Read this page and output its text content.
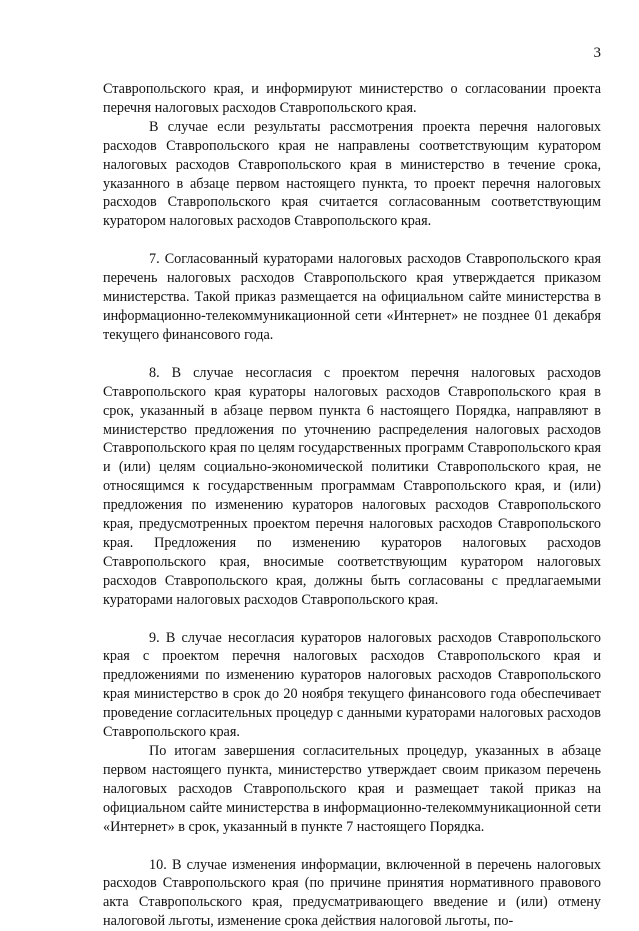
3

Ставропольского края, и информируют министерство о согласовании проекта перечня налоговых расходов Ставропольского края.

В случае если результаты рассмотрения проекта перечня налоговых расходов Ставропольского края не направлены соответствующим куратором налоговых расходов Ставропольского края в министерство в течение срока, указанного в абзаце первом настоящего пункта, то проект перечня налоговых расходов Ставропольского края считается согласованным соответствующим куратором налоговых расходов Ставропольского края.

7. Согласованный кураторами налоговых расходов Ставропольского края перечень налоговых расходов Ставропольского края утверждается приказом министерства. Такой приказ размещается на официальном сайте министерства в информационно-телекоммуникационной сети «Интернет» не позднее 01 декабря текущего финансового года.

8. В случае несогласия с проектом перечня налоговых расходов Ставропольского края кураторы налоговых расходов Ставропольского края в срок, указанный в абзаце первом пункта 6 настоящего Порядка, направляют в министерство предложения по уточнению распределения налоговых расходов Ставропольского края по целям государственных программ Ставропольского края и (или) целям социально-экономической политики Ставропольского края, не относящимся к государственным программам Ставропольского края, и (или) предложения по изменению кураторов налоговых расходов Ставропольского края, предусмотренных проектом перечня налоговых расходов Ставропольского края. Предложения по изменению кураторов налоговых расходов Ставропольского края, вносимые соответствующим куратором налоговых расходов Ставропольского края, должны быть согласованы с предлагаемыми кураторами налоговых расходов Ставропольского края.

9. В случае несогласия кураторов налоговых расходов Ставропольского края с проектом перечня налоговых расходов Ставропольского края и предложениями по изменению кураторов налоговых расходов Ставропольского края министерство в срок до 20 ноября текущего финансового года обеспечивает проведение согласительных процедур с данными кураторами налоговых расходов Ставропольского края.

По итогам завершения согласительных процедур, указанных в абзаце первом настоящего пункта, министерство утверждает своим приказом перечень налоговых расходов Ставропольского края и размещает такой приказ на официальном сайте министерства в информационно-телекоммуникационной сети «Интернет» в срок, указанный в пункте 7 настоящего Порядка.

10. В случае изменения информации, включенной в перечень налоговых расходов Ставропольского края (по причине принятия нормативного правового акта Ставропольского края, предусматривающего введение и (или) отмену налоговой льготы, изменение срока действия налоговой льготы, по-
